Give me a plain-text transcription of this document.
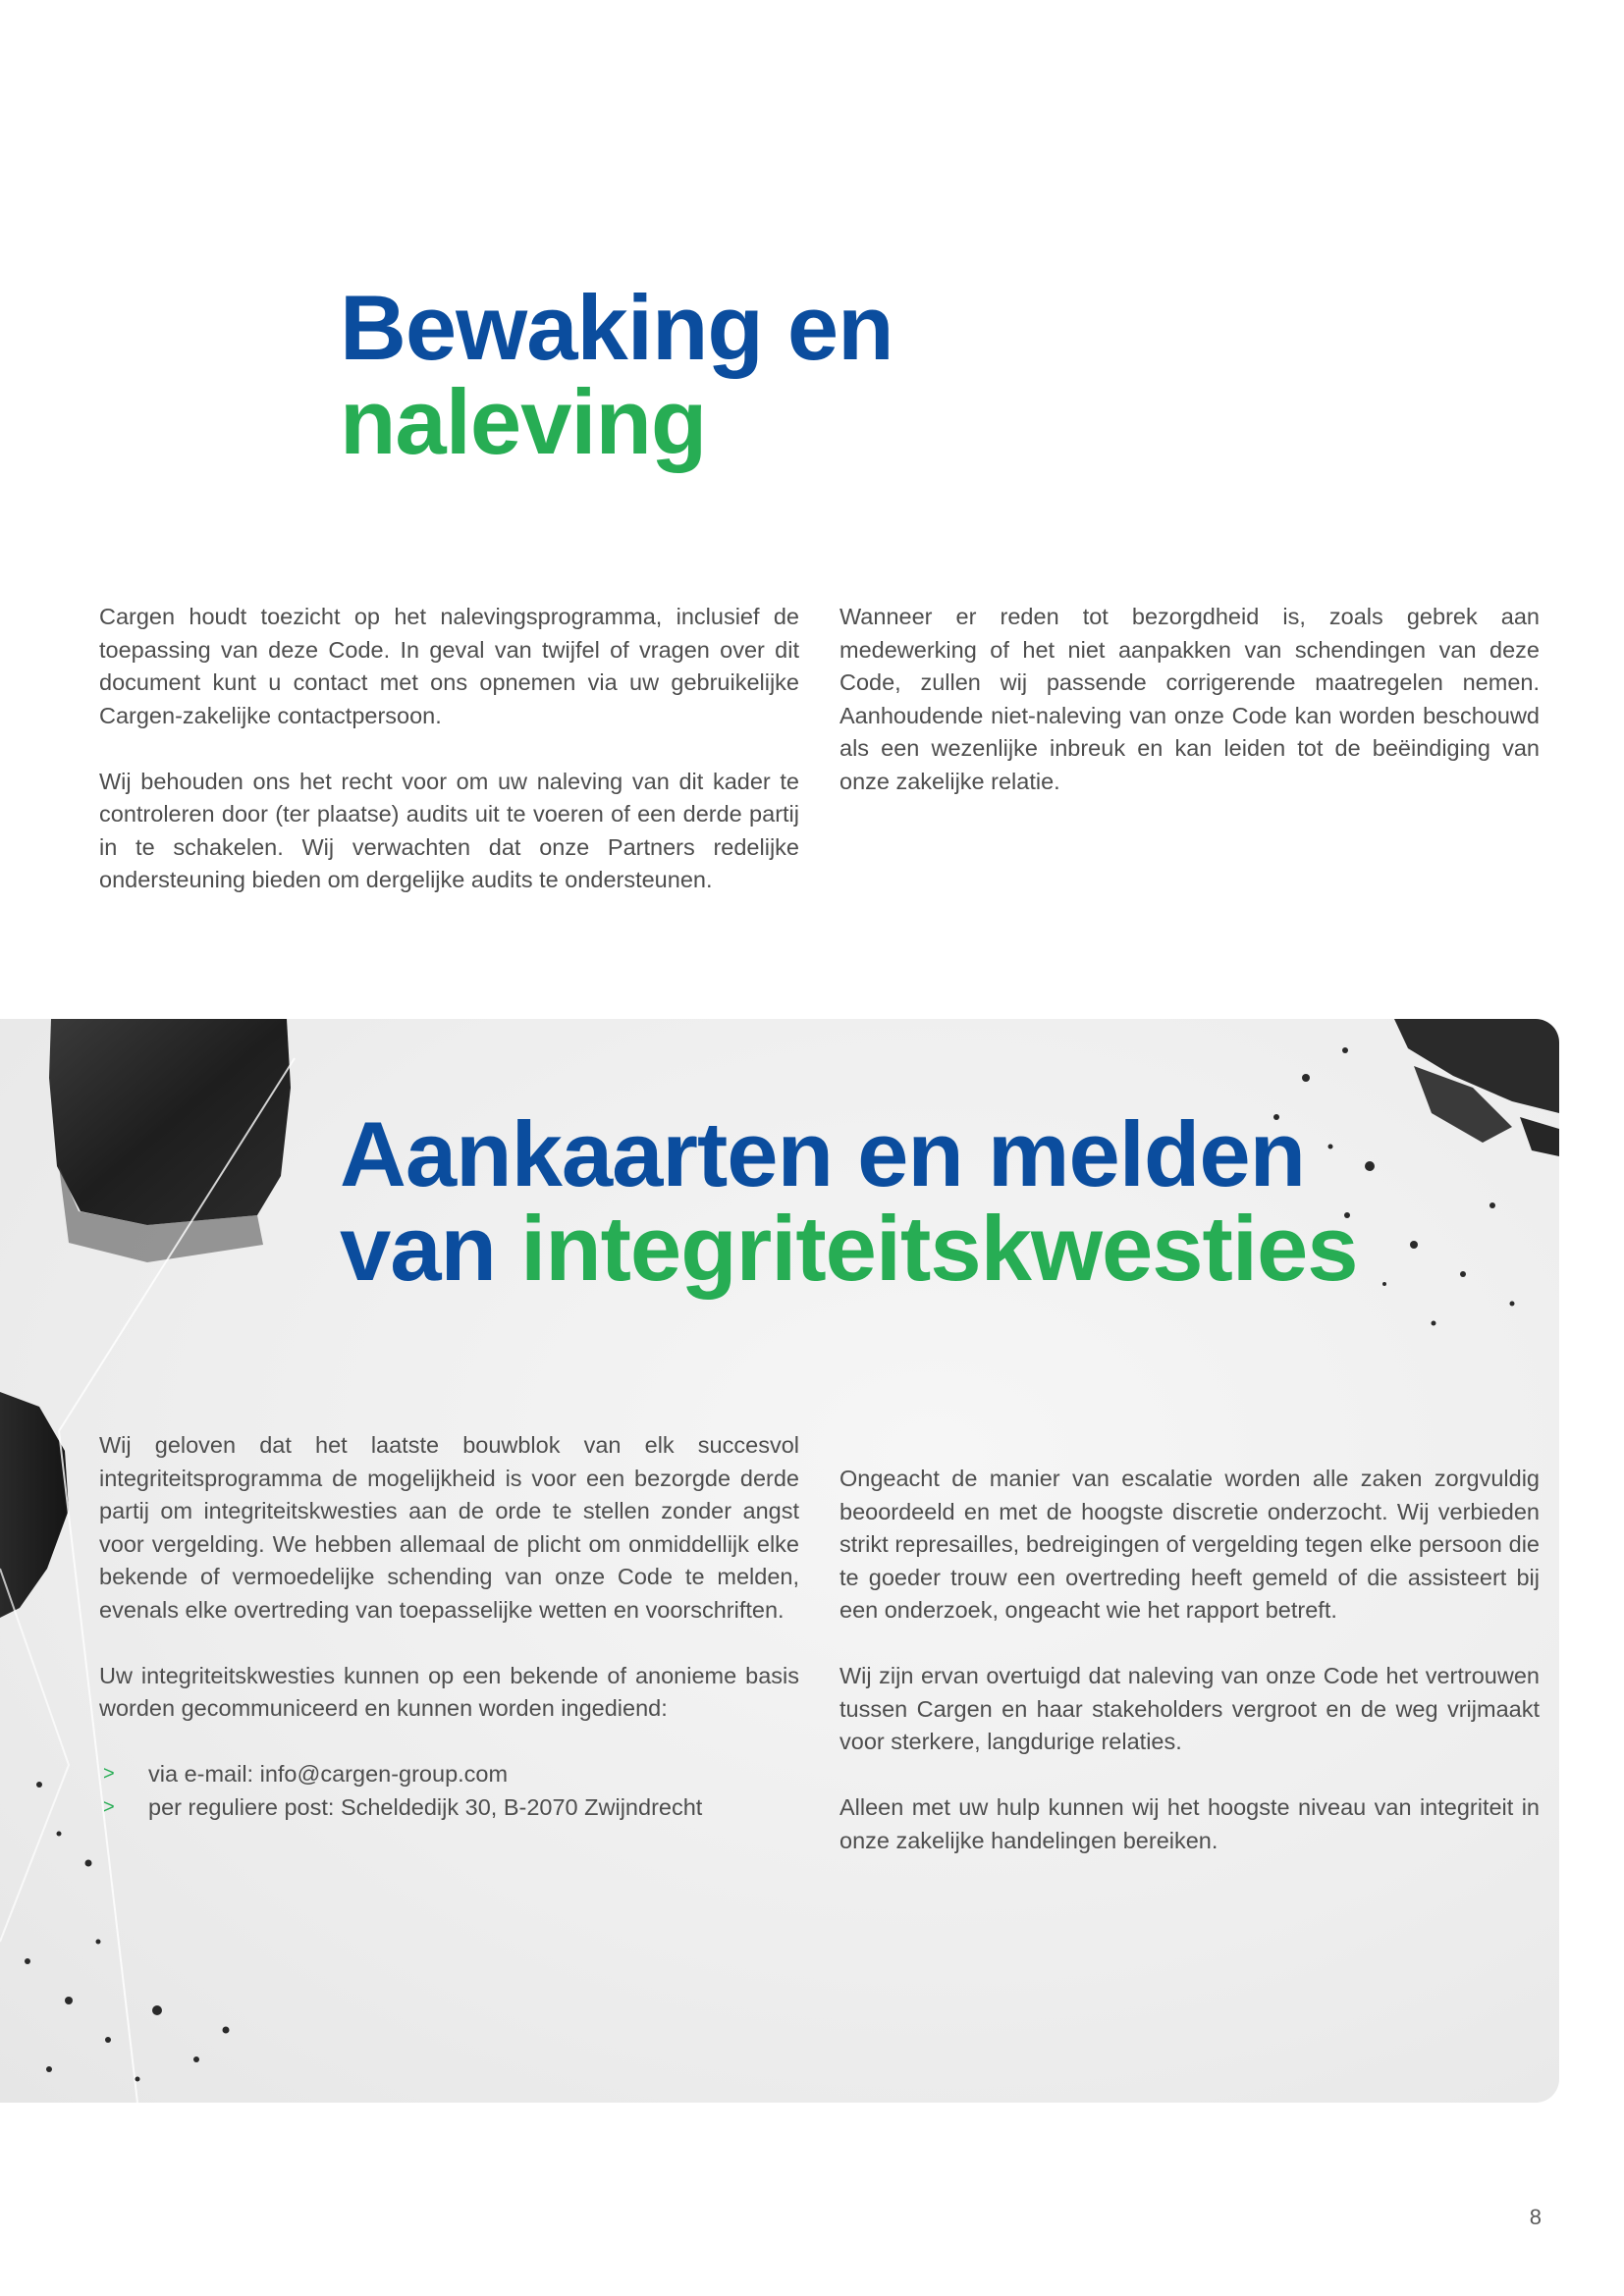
Bewaking en
naleving

Cargen houdt toezicht op het nalevingsprogramma, inclusief de toepassing van deze Code. In geval van twijfel of vragen over dit document kunt u contact met ons opnemen via uw gebruikelijke Cargen-zakelijke contactpersoon.

Wij behouden ons het recht voor om uw naleving van dit kader te controleren door (ter plaatse) audits uit te voeren of een derde partij in te schakelen. Wij verwachten dat onze Partners redelijke ondersteuning bieden om dergelijke audits te ondersteunen.

Wanneer er reden tot bezorgdheid is, zoals gebrek aan medewerking of het niet aanpakken van schendingen van deze Code, zullen wij passende corrigerende maatregelen nemen. Aanhoudende niet-naleving van onze Code kan worden beschouwd als een wezenlijke inbreuk en kan leiden tot de beëindiging van onze zakelijke relatie.

Aankaarten en melden
van integriteitskwesties

Wij geloven dat het laatste bouwblok van elk succesvol integriteitsprogramma de mogelijkheid is voor een bezorgde derde partij om integriteitskwesties aan de orde te stellen zonder angst voor vergelding. We hebben allemaal de plicht om onmiddellijk elke bekende of vermoedelijke schending van onze Code te melden, evenals elke overtreding van toepasselijke wetten en voorschriften.

Uw integriteitskwesties kunnen op een bekende of anonieme basis worden gecommuniceerd en kunnen worden ingediend:

> via e-mail: info@cargen-group.com
> per reguliere post: Scheldedijk 30, B-2070 Zwijndrecht

Ongeacht de manier van escalatie worden alle zaken zorgvuldig beoordeeld en met de hoogste discretie onderzocht. Wij verbieden strikt represailles, bedreigingen of vergelding tegen elke persoon die te goeder trouw een overtreding heeft gemeld of die assisteert bij een onderzoek, ongeacht wie het rapport betreft.

Wij zijn ervan overtuigd dat naleving van onze Code het vertrouwen tussen Cargen en haar stakeholders vergroot en de weg vrijmaakt voor sterkere, langdurige relaties.

Alleen met uw hulp kunnen wij het hoogste niveau van integriteit in onze zakelijke handelingen bereiken.

8
